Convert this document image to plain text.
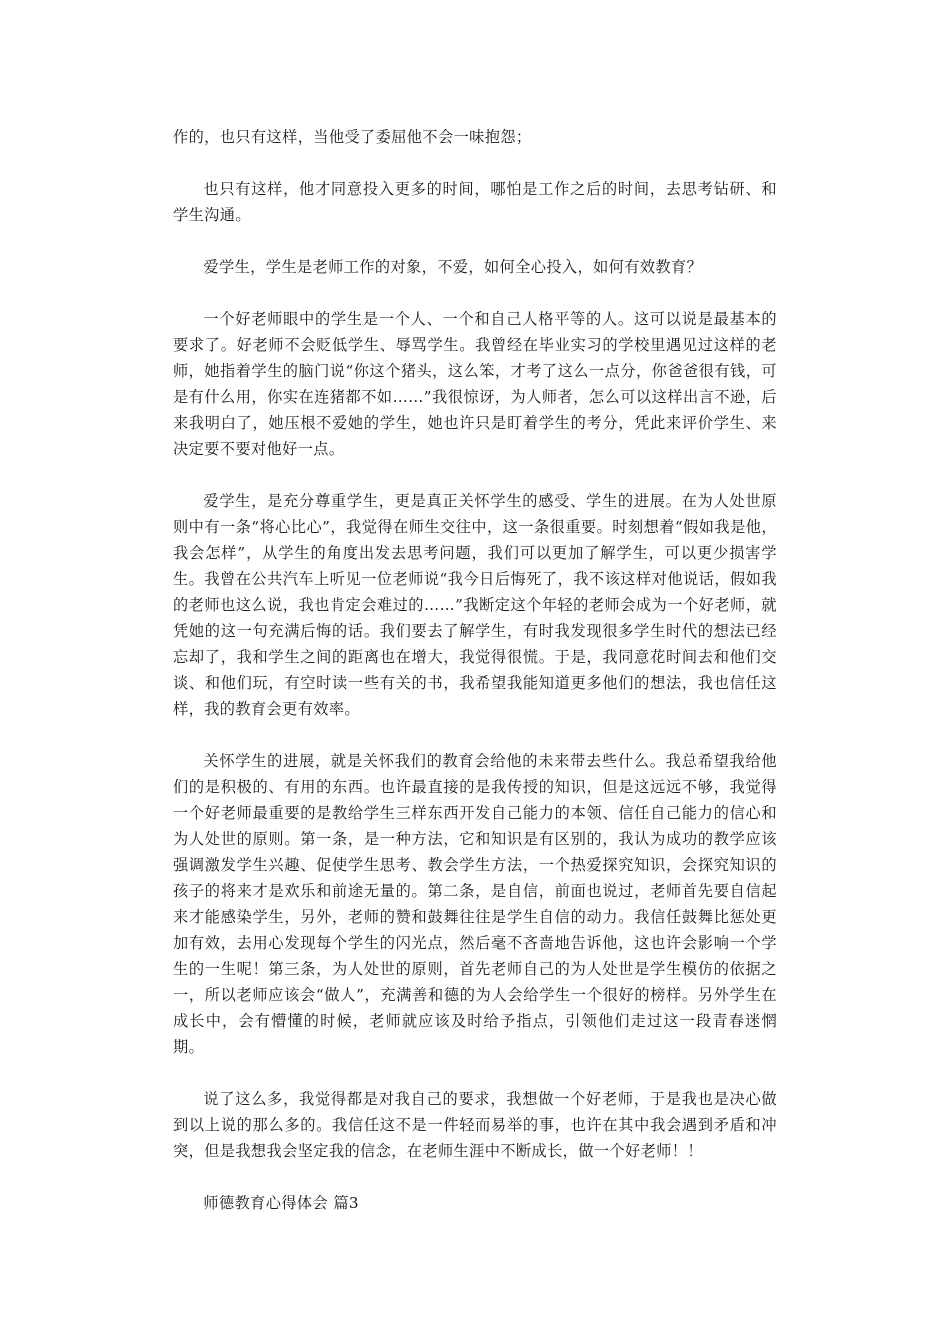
作的，也只有这样，当他受了委屈他不会一味抱怨；

也只有这样，他才同意投入更多的时间，哪怕是工作之后的时间，去思考钻研、和学生沟通。

爱学生，学生是老师工作的对象，不爱，如何全心投入，如何有效教育？

一个好老师眼中的学生是一个人、一个和自己人格平等的人。这可以说是最基本的要求了。好老师不会贬低学生、辱骂学生。我曾经在毕业实习的学校里遇见过这样的老师，她指着学生的脑门说“你这个猪头，这么笨，才考了这么一点分，你爸爸很有钱，可是有什么用，你实在连猪都不如……”我很惊讶，为人师者，怎么可以这样出言不逊，后来我明白了，她压根不爱她的学生，她也许只是盯着学生的考分，凭此来评价学生、来决定要不要对他好一点。

爱学生，是充分尊重学生，更是真正关怀学生的感受、学生的进展。在为人处世原则中有一条“将心比心”，我觉得在师生交往中，这一条很重要。时刻想着“假如我是他，我会怎样”，从学生的角度出发去思考问题，我们可以更加了解学生，可以更少损害学生。我曾在公共汽车上听见一位老师说“我今日后悔死了，我不该这样对他说话，假如我的老师也这么说，我也肯定会难过的……”我断定这个年轻的老师会成为一个好老师，就凭她的这一句充满后悔的话。我们要去了解学生，有时我发现很多学生时代的想法已经忘却了，我和学生之间的距离也在增大，我觉得很慌。于是，我同意花时间去和他们交谈、和他们玩，有空时读一些有关的书，我希望我能知道更多他们的想法，我也信任这样，我的教育会更有效率。

关怀学生的进展，就是关怀我们的教育会给他的未来带去些什么。我总希望我给他们的是积极的、有用的东西。也许最直接的是我传授的知识，但是这远远不够，我觉得一个好老师最重要的是教给学生三样东西开发自己能力的本领、信任自己能力的信心和为人处世的原则。第一条，是一种方法，它和知识是有区别的，我认为成功的教学应该强调激发学生兴趣、促使学生思考、教会学生方法，一个热爱探究知识，会探究知识的孩子的将来才是欢乐和前途无量的。第二条，是自信，前面也说过，老师首先要自信起来才能感染学生，另外，老师的赞和鼓舞往往是学生自信的动力。我信任鼓舞比惩处更加有效，去用心发现每个学生的闪光点，然后毫不吝啬地告诉他，这也许会影响一个学生的一生呢！第三条，为人处世的原则，首先老师自己的为人处世是学生模仿的依据之一，所以老师应该会“做人”，充满善和德的为人会给学生一个很好的榜样。另外学生在成长中，会有懵懂的时候，老师就应该及时给予指点，引领他们走过这一段青春迷惘期。

说了这么多，我觉得都是对我自己的要求，我想做一个好老师，于是我也是决心做到以上说的那么多的。我信任这不是一件轻而易举的事，也许在其中我会遇到矛盾和冲突，但是我想我会坚定我的信念，在老师生涯中不断成长，做一个好老师！！

师德教育心得体会 篇3
